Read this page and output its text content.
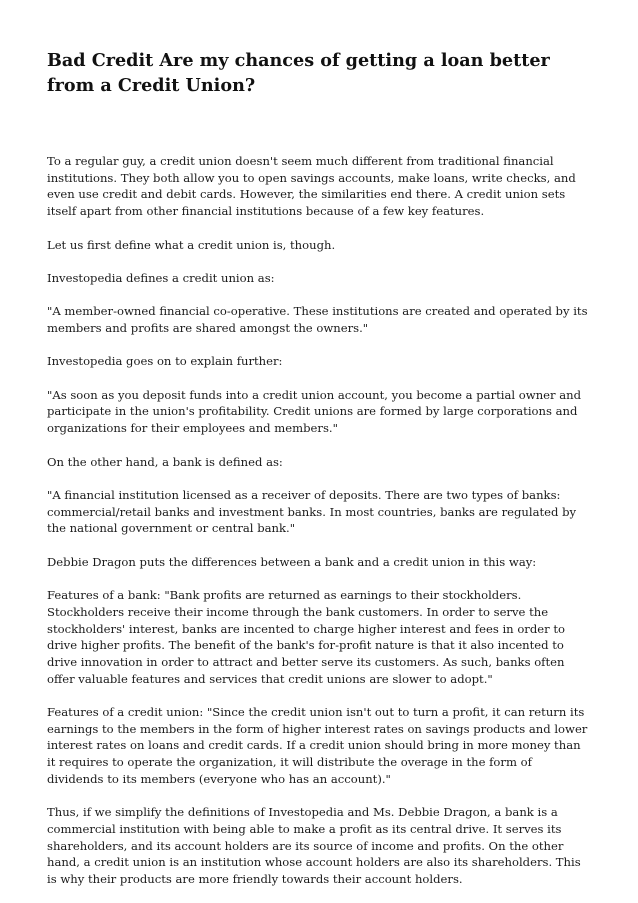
Bad Credit Are my chances of getting a loan better from a Credit Union?

To a regular guy, a credit union doesn't seem much different from traditional financial institutions. They both allow you to open savings accounts, make loans, write checks, and even use credit and debit cards. However, the similarities end there. A credit union sets itself apart from other financial institutions because of a few key features.

Let us first define what a credit union is, though.

Investopedia defines a credit union as:

"A member-owned financial co-operative. These institutions are created and operated by its members and profits are shared amongst the owners."

Investopedia goes on to explain further:

"As soon as you deposit funds into a credit union account, you become a partial owner and participate in the union's profitability. Credit unions are formed by large corporations and organizations for their employees and members."

On the other hand, a bank is defined as:

"A financial institution licensed as a receiver of deposits. There are two types of banks: commercial/retail banks and investment banks. In most countries, banks are regulated by the national government or central bank."

Debbie Dragon puts the differences between a bank and a credit union in this way:

Features of a bank: "Bank profits are returned as earnings to their stockholders. Stockholders receive their income through the bank customers. In order to serve the stockholders' interest, banks are incented to charge higher interest and fees in order to drive higher profits. The benefit of the bank's for-profit nature is that it also incented to drive innovation in order to attract and better serve its customers. As such, banks often offer valuable features and services that credit unions are slower to adopt."

Features of a credit union: "Since the credit union isn't out to turn a profit, it can return its earnings to the members in the form of higher interest rates on savings products and lower interest rates on loans and credit cards. If a credit union should bring in more money than it requires to operate the organization, it will distribute the overage in the form of dividends to its members (everyone who has an account)."

Thus, if we simplify the definitions of Investopedia and Ms. Debbie Dragon, a bank is a commercial institution with being able to make a profit as its central drive. It serves its shareholders, and its account holders are its source of income and profits. On the other hand, a credit union is an institution whose account holders are also its shareholders. This is why their products are more friendly towards their account holders.
